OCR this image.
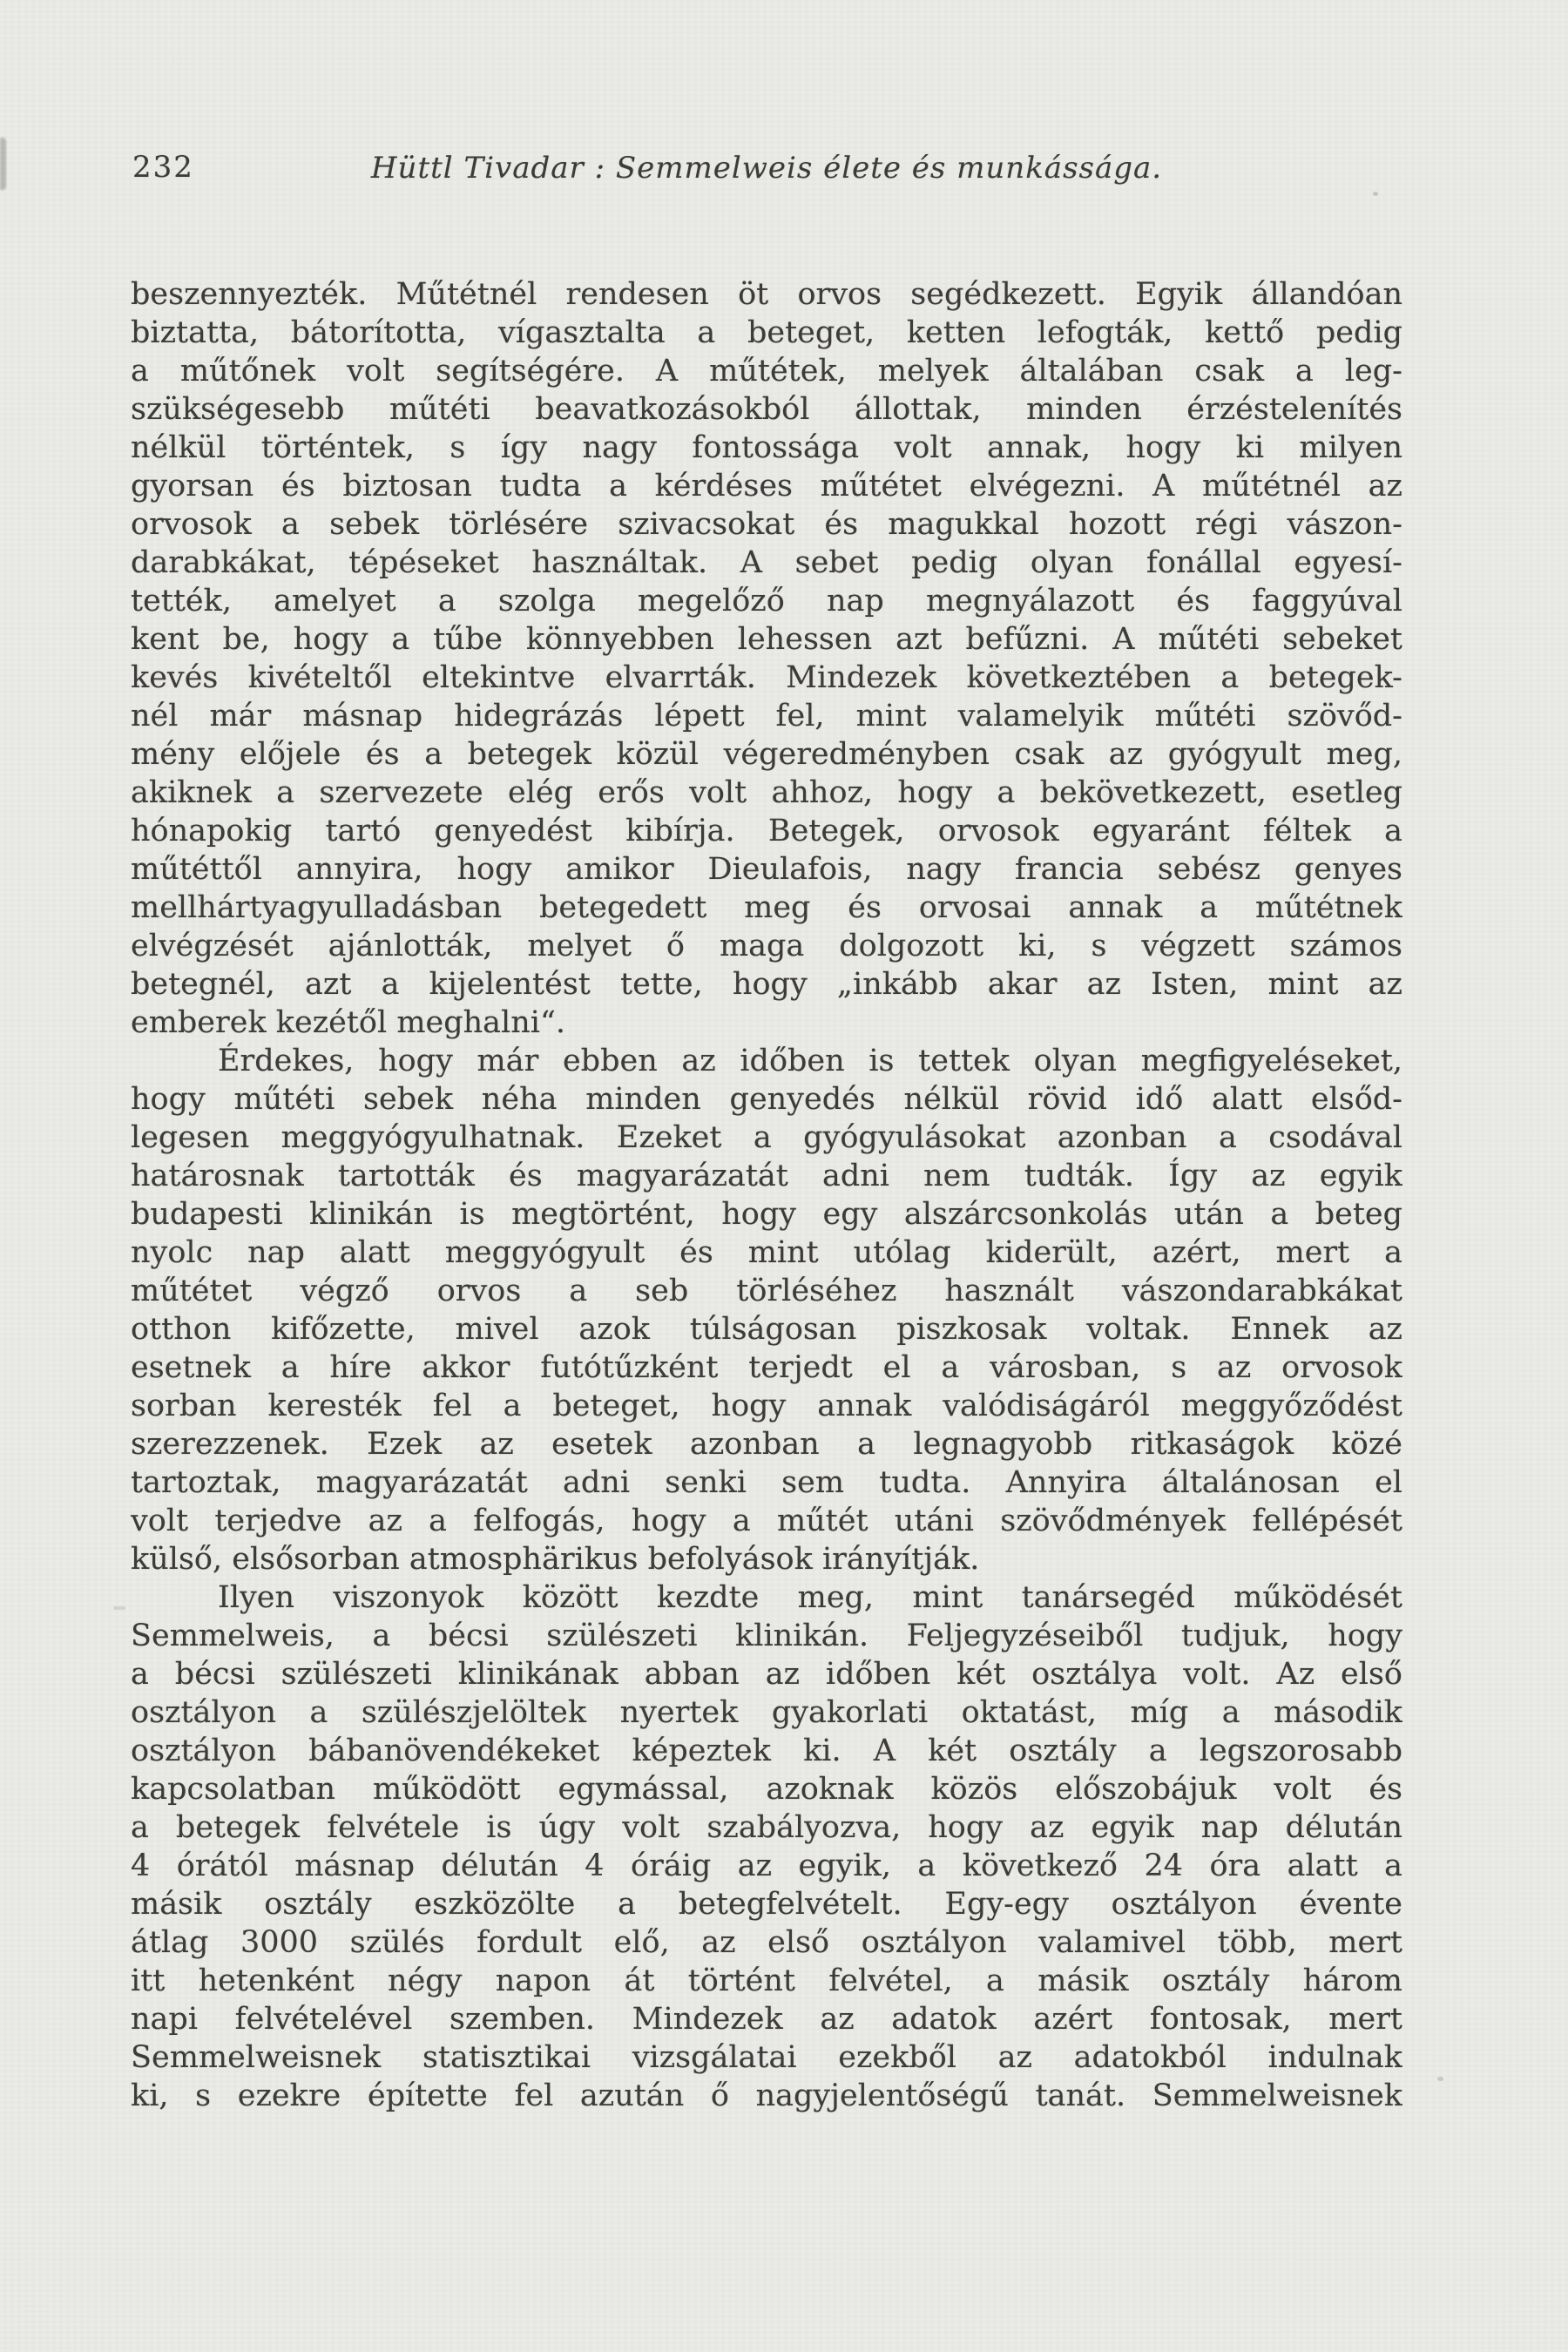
232	Hüttl Tivadar : Semmelweis élete és munkássága.
beszennyezték. Műtétnél rendesen öt orvos segédkezett. Egyik állandóan
biztatta, bátorította, vígasztalta a beteget, ketten lefogták, kettő pedig
a műtőnek volt segítségére. A műtétek, melyek általában csak a leg-
szükségesebb műtéti beavatkozásokból állottak, minden érzéstelenítés
nélkül történtek, s így nagy fontossága volt annak, hogy ki milyen
gyorsan és biztosan tudta a kérdéses műtétet elvégezni. A műtétnél az
orvosok a sebek törlésére szivacsokat és magukkal hozott régi vászon-
darabkákat, tépéseket használtak. A sebet pedig olyan fonállal egyesí-
tették, amelyet a szolga megelőző nap megnyálazott és faggyúval
kent be, hogy a tűbe könnyebben lehessen azt befűzni. A műtéti sebeket
kevés kivételtől eltekintve elvarrták. Mindezek következtében a betegek-
nél már másnap hidegrázás lépett fel, mint valamelyik műtéti szövőd-
mény előjele és a betegek közül végeredményben csak az gyógyult meg,
akiknek a szervezete elég erős volt ahhoz, hogy a bekövetkezett, esetleg
hónapokig tartó genyedést kibírja. Betegek, orvosok egyaránt féltek a
műtéttől annyira, hogy amikor Dieulafois, nagy francia sebész genyes
mellhártyagyulladásban betegedett meg és orvosai annak a műtétnek
elvégzését ajánlották, melyet ő maga dolgozott ki, s végzett számos
betegnél, azt a kijelentést tette, hogy „inkább akar az Isten, mint az
emberek kezétől meghalni“.
Érdekes, hogy már ebben az időben is tettek olyan megfigyeléseket,
hogy műtéti sebek néha minden genyedés nélkül rövid idő alatt elsőd-
legesen meggyógyulhatnak. Ezeket a gyógyulásokat azonban a csodával
határosnak tartották és magyarázatát adni nem tudták. Így az egyik
budapesti klinikán is megtörtént, hogy egy alszárcsonkolás után a beteg
nyolc nap alatt meggyógyult és mint utólag kiderült, azért, mert a
műtétet végző orvos a seb törléséhez használt vászondarabkákat
otthon kifőzette, mivel azok túlságosan piszkosak voltak. Ennek az
esetnek a híre akkor futótűzként terjedt el a városban, s az orvosok
sorban keresték fel a beteget, hogy annak valódiságáról meggyőződést
szerezzenek. Ezek az esetek azonban a legnagyobb ritkaságok közé
tartoztak, magyarázatát adni senki sem tudta. Annyira általánosan el
volt terjedve az a felfogás, hogy a műtét utáni szövődmények fellépését
külső, elsősorban atmosphärikus befolyások irányítják.
Ilyen viszonyok között kezdte meg, mint tanársegéd működését
Semmelweis, a bécsi szülészeti klinikán. Feljegyzéseiből tudjuk, hogy
a bécsi szülészeti klinikának abban az időben két osztálya volt. Az első
osztályon a szülészjelöltek nyertek gyakorlati oktatást, míg a második
osztályon bábanövendékeket képeztek ki. A két osztály a legszorosabb
kapcsolatban működött egymással, azoknak közös előszobájuk volt és
a betegek felvétele is úgy volt szabályozva, hogy az egyik nap délután
4 órától másnap délután 4 óráig az egyik, a következő 24 óra alatt a
másik osztály eszközölte a betegfelvételt. Egy-egy osztályon évente
átlag 3000 szülés fordult elő, az első osztályon valamivel több, mert
itt hetenként négy napon át történt felvétel, a másik osztály három
napi felvételével szemben. Mindezek az adatok azért fontosak, mert
Semmelweisnek statisztikai vizsgálatai ezekből az adatokból indulnak
ki, s ezekre építette fel azután ő nagyjelentőségű tanát. Semmelweisnek
